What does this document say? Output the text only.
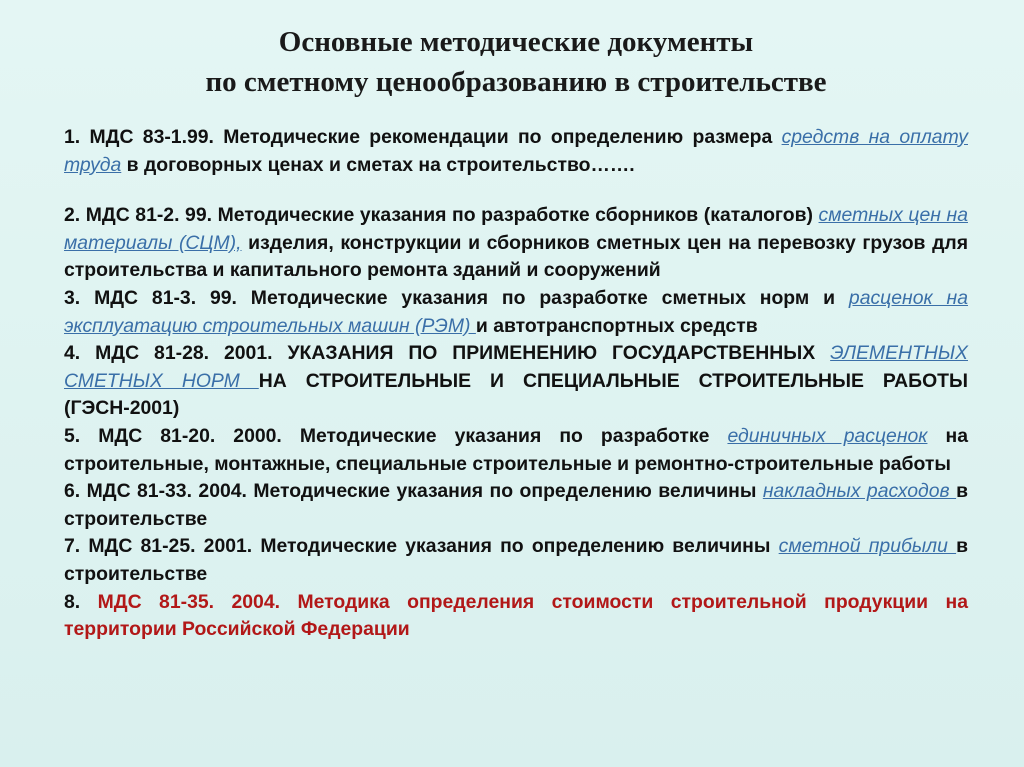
Основные методические документы
по сметному ценообразованию в строительстве

1. МДС 83-1.99. Методические рекомендации по определению размера средств на оплату труда в договорных ценах и сметах на строительство…….

2. МДС 81-2. 99. Методические указания по разработке сборников (каталогов) сметных цен на материалы (СЦМ), изделия, конструкции и сборников сметных цен на перевозку грузов для строительства и капитального ремонта зданий и сооружений

3. МДС 81-3. 99. Методические указания по разработке сметных норм и расценок на эксплуатацию строительных машин (РЭМ) и автотранспортных средств

4. МДС 81-28. 2001. УКАЗАНИЯ ПО ПРИМЕНЕНИЮ ГОСУДАРСТВЕННЫХ ЭЛЕМЕНТНЫХ СМЕТНЫХ НОРМ НА СТРОИТЕЛЬНЫЕ И СПЕЦИАЛЬНЫЕ СТРОИТЕЛЬНЫЕ РАБОТЫ (ГЭСН-2001)

5. МДС 81-20. 2000. Методические указания по разработке единичных расценок на строительные, монтажные, специальные строительные и ремонтно-строительные работы

6. МДС 81-33. 2004. Методические указания по определению величины накладных расходов в строительстве

7. МДС 81-25. 2001. Методические указания по определению величины сметной прибыли в строительстве

8. МДС 81-35. 2004. Методика определения стоимости строительной продукции на территории Российской Федерации
